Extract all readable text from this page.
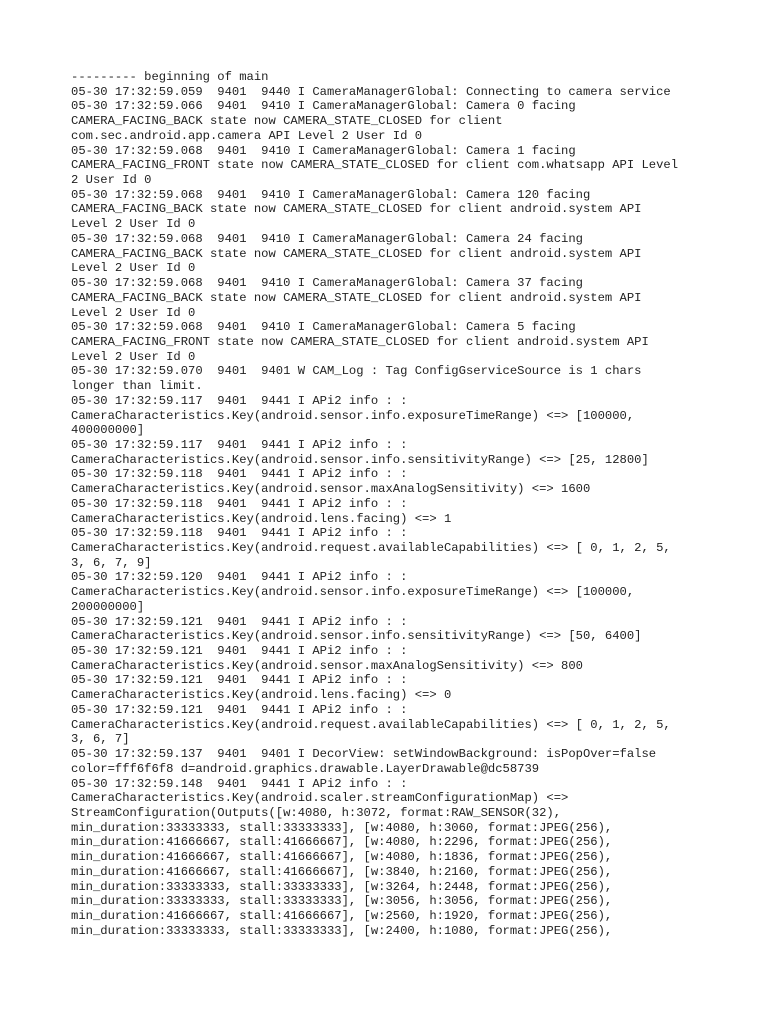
--------- beginning of main
05-30 17:32:59.059  9401  9440 I CameraManagerGlobal: Connecting to camera service
05-30 17:32:59.066  9401  9410 I CameraManagerGlobal: Camera 0 facing
CAMERA_FACING_BACK state now CAMERA_STATE_CLOSED for client
com.sec.android.app.camera API Level 2 User Id 0
05-30 17:32:59.068  9401  9410 I CameraManagerGlobal: Camera 1 facing
CAMERA_FACING_FRONT state now CAMERA_STATE_CLOSED for client com.whatsapp API Level
2 User Id 0
05-30 17:32:59.068  9401  9410 I CameraManagerGlobal: Camera 120 facing
CAMERA_FACING_BACK state now CAMERA_STATE_CLOSED for client android.system API
Level 2 User Id 0
05-30 17:32:59.068  9401  9410 I CameraManagerGlobal: Camera 24 facing
CAMERA_FACING_BACK state now CAMERA_STATE_CLOSED for client android.system API
Level 2 User Id 0
05-30 17:32:59.068  9401  9410 I CameraManagerGlobal: Camera 37 facing
CAMERA_FACING_BACK state now CAMERA_STATE_CLOSED for client android.system API
Level 2 User Id 0
05-30 17:32:59.068  9401  9410 I CameraManagerGlobal: Camera 5 facing
CAMERA_FACING_FRONT state now CAMERA_STATE_CLOSED for client android.system API
Level 2 User Id 0
05-30 17:32:59.070  9401  9401 W CAM_Log : Tag ConfigGserviceSource is 1 chars
longer than limit.
05-30 17:32:59.117  9401  9441 I APi2 info : :
CameraCharacteristics.Key(android.sensor.info.exposureTimeRange) <=> [100000,
400000000]
05-30 17:32:59.117  9401  9441 I APi2 info : :
CameraCharacteristics.Key(android.sensor.info.sensitivityRange) <=> [25, 12800]
05-30 17:32:59.118  9401  9441 I APi2 info : :
CameraCharacteristics.Key(android.sensor.maxAnalogSensitivity) <=> 1600
05-30 17:32:59.118  9401  9441 I APi2 info : :
CameraCharacteristics.Key(android.lens.facing) <=> 1
05-30 17:32:59.118  9401  9441 I APi2 info : :
CameraCharacteristics.Key(android.request.availableCapabilities) <=> [ 0, 1, 2, 5,
3, 6, 7, 9]
05-30 17:32:59.120  9401  9441 I APi2 info : :
CameraCharacteristics.Key(android.sensor.info.exposureTimeRange) <=> [100000,
200000000]
05-30 17:32:59.121  9401  9441 I APi2 info : :
CameraCharacteristics.Key(android.sensor.info.sensitivityRange) <=> [50, 6400]
05-30 17:32:59.121  9401  9441 I APi2 info : :
CameraCharacteristics.Key(android.sensor.maxAnalogSensitivity) <=> 800
05-30 17:32:59.121  9401  9441 I APi2 info : :
CameraCharacteristics.Key(android.lens.facing) <=> 0
05-30 17:32:59.121  9401  9441 I APi2 info : :
CameraCharacteristics.Key(android.request.availableCapabilities) <=> [ 0, 1, 2, 5,
3, 6, 7]
05-30 17:32:59.137  9401  9401 I DecorView: setWindowBackground: isPopOver=false
color=fff6f6f8 d=android.graphics.drawable.LayerDrawable@dc58739
05-30 17:32:59.148  9401  9441 I APi2 info : :
CameraCharacteristics.Key(android.scaler.streamConfigurationMap) <=>
StreamConfiguration(Outputs([w:4080, h:3072, format:RAW_SENSOR(32),
min_duration:33333333, stall:33333333], [w:4080, h:3060, format:JPEG(256),
min_duration:41666667, stall:41666667], [w:4080, h:2296, format:JPEG(256),
min_duration:41666667, stall:41666667], [w:4080, h:1836, format:JPEG(256),
min_duration:41666667, stall:41666667], [w:3840, h:2160, format:JPEG(256),
min_duration:33333333, stall:33333333], [w:3264, h:2448, format:JPEG(256),
min_duration:33333333, stall:33333333], [w:3056, h:3056, format:JPEG(256),
min_duration:41666667, stall:41666667], [w:2560, h:1920, format:JPEG(256),
min_duration:33333333, stall:33333333], [w:2400, h:1080, format:JPEG(256),
